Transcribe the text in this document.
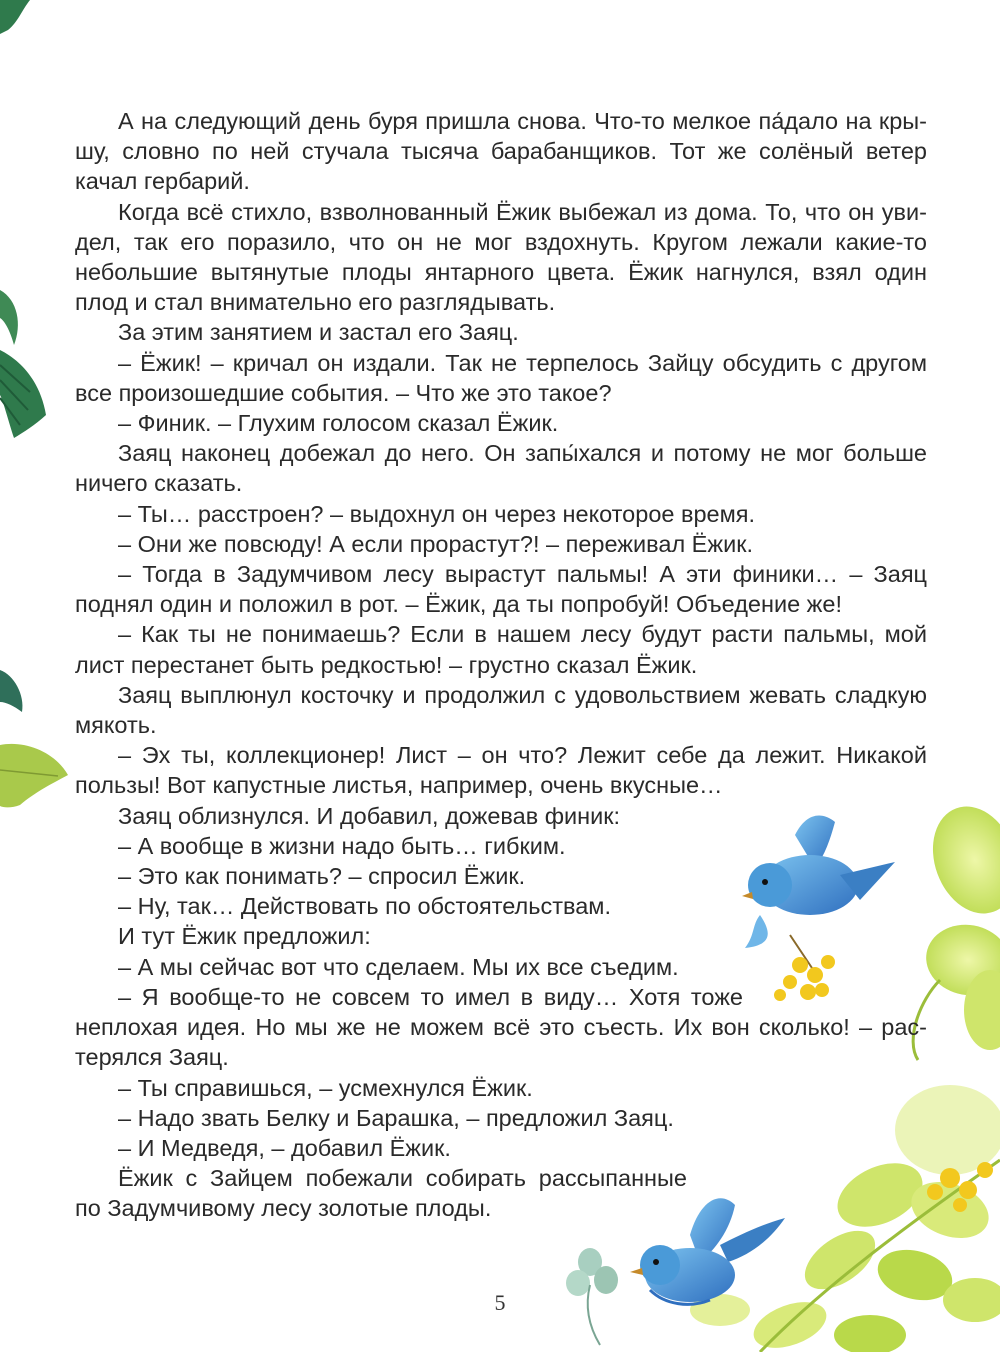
А на следующий день буря пришла снова. Что-то мелкое па́дало на кры-
шу, словно по ней стучала тысяча барабанщиков. Тот же солёный ветер
качал гербарий.

Когда всё стихло, взволнованный Ёжик выбежал из дома. То, что он уви-
дел, так его поразило, что он не мог вздохнуть. Кругом лежали какие-то
небольшие вытянутые плоды янтарного цвета. Ёжик нагнулся, взял один
плод и стал внимательно его разглядывать.

За этим занятием и застал его Заяц.

– Ёжик! – кричал он издали. Так не терпелось Зайцу обсудить с другом
все произошедшие события. – Что же это такое?

– Финик. – Глухим голосом сказал Ёжик.

Заяц наконец добежал до него. Он запы́хался и потому не мог больше
ничего сказать.

– Ты… расстроен? – выдохнул он через некоторое время.

– Они же повсюду! А если прорастут?! – переживал Ёжик.

– Тогда в Задумчивом лесу вырастут пальмы! А эти финики… – Заяц
поднял один и положил в рот. – Ёжик, да ты попробуй! Объедение же!

– Как ты не понимаешь? Если в нашем лесу будут расти пальмы, мой
лист перестанет быть редкостью! – грустно сказал Ёжик.

Заяц выплюнул косточку и продолжил с удовольствием жевать сладкую
мякоть.

– Эх ты, коллекционер! Лист – он что? Лежит себе да лежит. Никакой
пользы! Вот капустные листья, например, очень вкусные…

Заяц облизнулся. И добавил, дожевав финик:

– А вообще в жизни надо быть… гибким.

– Это как понимать? – спросил Ёжик.

– Ну, так… Действовать по обстоятельствам.

И тут Ёжик предложил:

– А мы сейчас вот что сделаем. Мы их все съедим.

– Я вообще-то не совсем то имел в виду… Хотя тоже
неплохая идея. Но мы же не можем всё это съесть. Их вон сколько! – рас-
терялся Заяц.

– Ты справишься, – усмехнулся Ёжик.

– Надо звать Белку и Барашка, – предложил Заяц.

– И Медведя, – добавил Ёжик.

Ёжик с Зайцем побежали собирать рассыпанные
по Задумчивому лесу золотые плоды.

5
